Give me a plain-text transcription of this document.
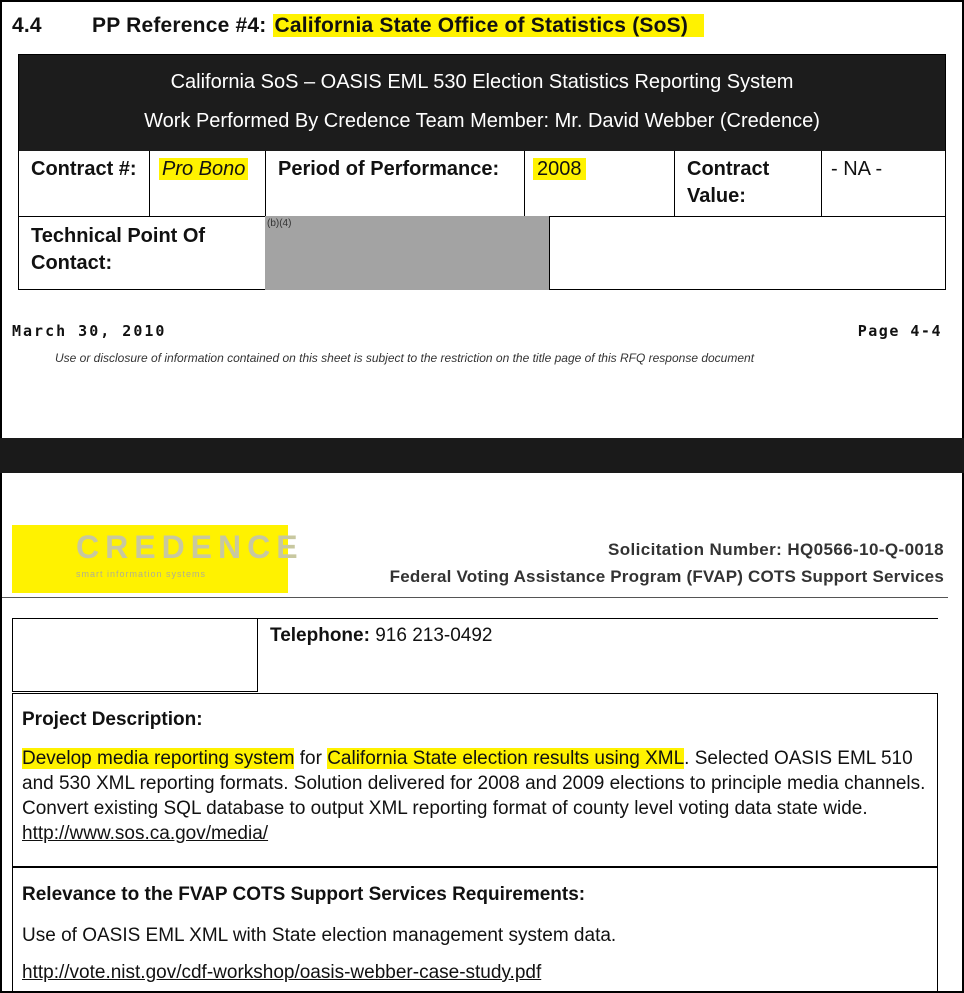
4.4 PP Reference #4: California State Office of Statistics (SoS)
California SoS – OASIS EML 530 Election Statistics Reporting System
Work Performed By Credence Team Member: Mr. David Webber (Credence)
Contract #: Pro Bono Period of Performance: 2008	Contract Value:
- NA -
Technical Point Of Contact:
(b)(4)
March 30, 2010	Page 4-4
Use or disclosure of information contained on this sheet is subject to the restriction on the title page of this RFQ response document
CREDENCE
smart information systems
Solicitation Number: HQ0566-10-Q-0018
Federal Voting Assistance Program (FVAP) COTS Support Services
Telephone: 916 213-0492
Project Description:
Develop media reporting system for California State election results using XML. Selected OASIS EML 510 and 530 XML reporting formats. Solution delivered for 2008 and 2009 elections to principle media channels. Convert existing SQL database to output XML reporting format of county level voting data state wide. http://www.sos.ca.gov/media/
Relevance to the FVAP COTS Support Services Requirements:
Use of OASIS EML XML with State election management system data.
http://vote.nist.gov/cdf-workshop/oasis-webber-case-study.pdf
